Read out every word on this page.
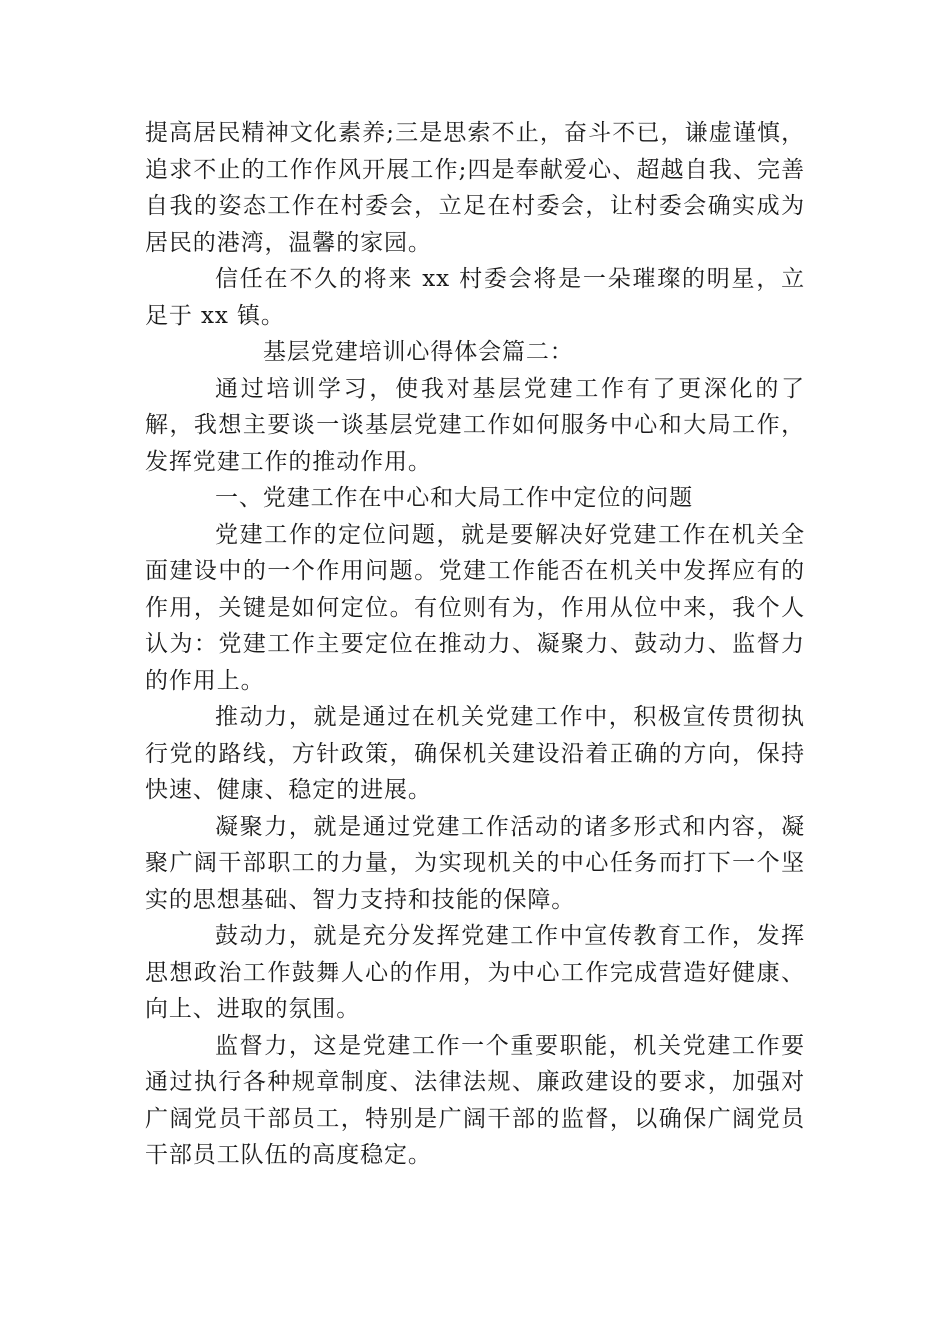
提高居民精神文化素养;三是思索不止，奋斗不已，谦虚谨慎，追求不止的工作作风开展工作;四是奉献爱心、超越自我、完善自我的姿态工作在村委会，立足在村委会，让村委会确实成为居民的港湾，温馨的家园。

信任在不久的将来 xx 村委会将是一朵璀璨的明星，立足于 xx 镇。

基层党建培训心得体会篇二：

通过培训学习，使我对基层党建工作有了更深化的了解，我想主要谈一谈基层党建工作如何服务中心和大局工作，发挥党建工作的推动作用。

一、党建工作在中心和大局工作中定位的问题

党建工作的定位问题，就是要解决好党建工作在机关全面建设中的一个作用问题。党建工作能否在机关中发挥应有的作用，关键是如何定位。有位则有为，作用从位中来，我个人认为：党建工作主要定位在推动力、凝聚力、鼓动力、监督力的作用上。

推动力，就是通过在机关党建工作中，积极宣传贯彻执行党的路线，方针政策，确保机关建设沿着正确的方向，保持快速、健康、稳定的进展。

凝聚力，就是通过党建工作活动的诸多形式和内容，凝聚广阔干部职工的力量，为实现机关的中心任务而打下一个坚实的思想基础、智力支持和技能的保障。

鼓动力，就是充分发挥党建工作中宣传教育工作，发挥思想政治工作鼓舞人心的作用，为中心工作完成营造好健康、向上、进取的氛围。

监督力，这是党建工作一个重要职能，机关党建工作要通过执行各种规章制度、法律法规、廉政建设的要求，加强对广阔党员干部员工，特别是广阔干部的监督，以确保广阔党员干部员工队伍的高度稳定。
